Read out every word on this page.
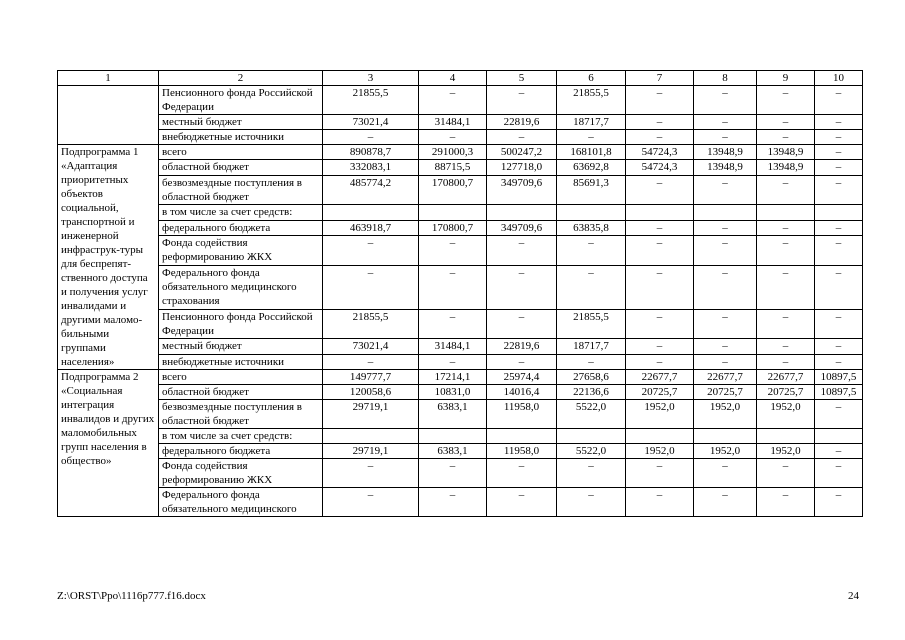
1	2	3	4	5	6	7	8	9	10
	Пенсионного фонда Российской Федерации	21855,5	–	–	21855,5	–	–	–	–
	местный бюджет	73021,4	31484,1	22819,6	18717,7	–	–	–	–
	внебюджетные источники	–	–	–	–	–	–	–	–
Подпрограмма 1 «Адаптация приоритетных объектов социальной, транспортной и инженерной инфраструк-туры для беспрепят-ственного доступа и получения услуг инвалидами и другими маломо-бильными группами населения»	всего	890878,7	291000,3	500247,2	168101,8	54724,3	13948,9	13948,9	–
	областной бюджет	332083,1	88715,5	127718,0	63692,8	54724,3	13948,9	13948,9	–
	безвозмездные поступления в областной бюджет	485774,2	170800,7	349709,6	85691,3	–	–	–	–
	в том числе за счет средств:								
	федерального бюджета	463918,7	170800,7	349709,6	63835,8	–	–	–	–
	Фонда содействия реформированию ЖКХ	–	–	–	–	–	–	–	–
	Федерального фонда обязательного медицинского страхования	–	–	–	–	–	–	–	–
	Пенсионного фонда Российской Федерации	21855,5	–	–	21855,5	–	–	–	–
	местный бюджет	73021,4	31484,1	22819,6	18717,7	–	–	–	–
	внебюджетные источники	–	–	–	–	–	–	–	–
Подпрограмма 2 «Социальная интеграция инвалидов и других маломобильных групп населения в общество»	всего	149777,7	17214,1	25974,4	27658,6	22677,7	22677,7	22677,7	10897,5
	областной бюджет	120058,6	10831,0	14016,4	22136,6	20725,7	20725,7	20725,7	10897,5
	безвозмездные поступления в областной бюджет	29719,1	6383,1	11958,0	5522,0	1952,0	1952,0	1952,0	–
	в том числе за счет средств:								
	федерального бюджета	29719,1	6383,1	11958,0	5522,0	1952,0	1952,0	1952,0	–
	Фонда содействия реформированию ЖКХ	–	–	–	–	–	–	–	–
	Федерального фонда обязательного медицинского	–	–	–	–	–	–	–	–
Z:\ORST\Ppo\1116p777.f16.docx	24
